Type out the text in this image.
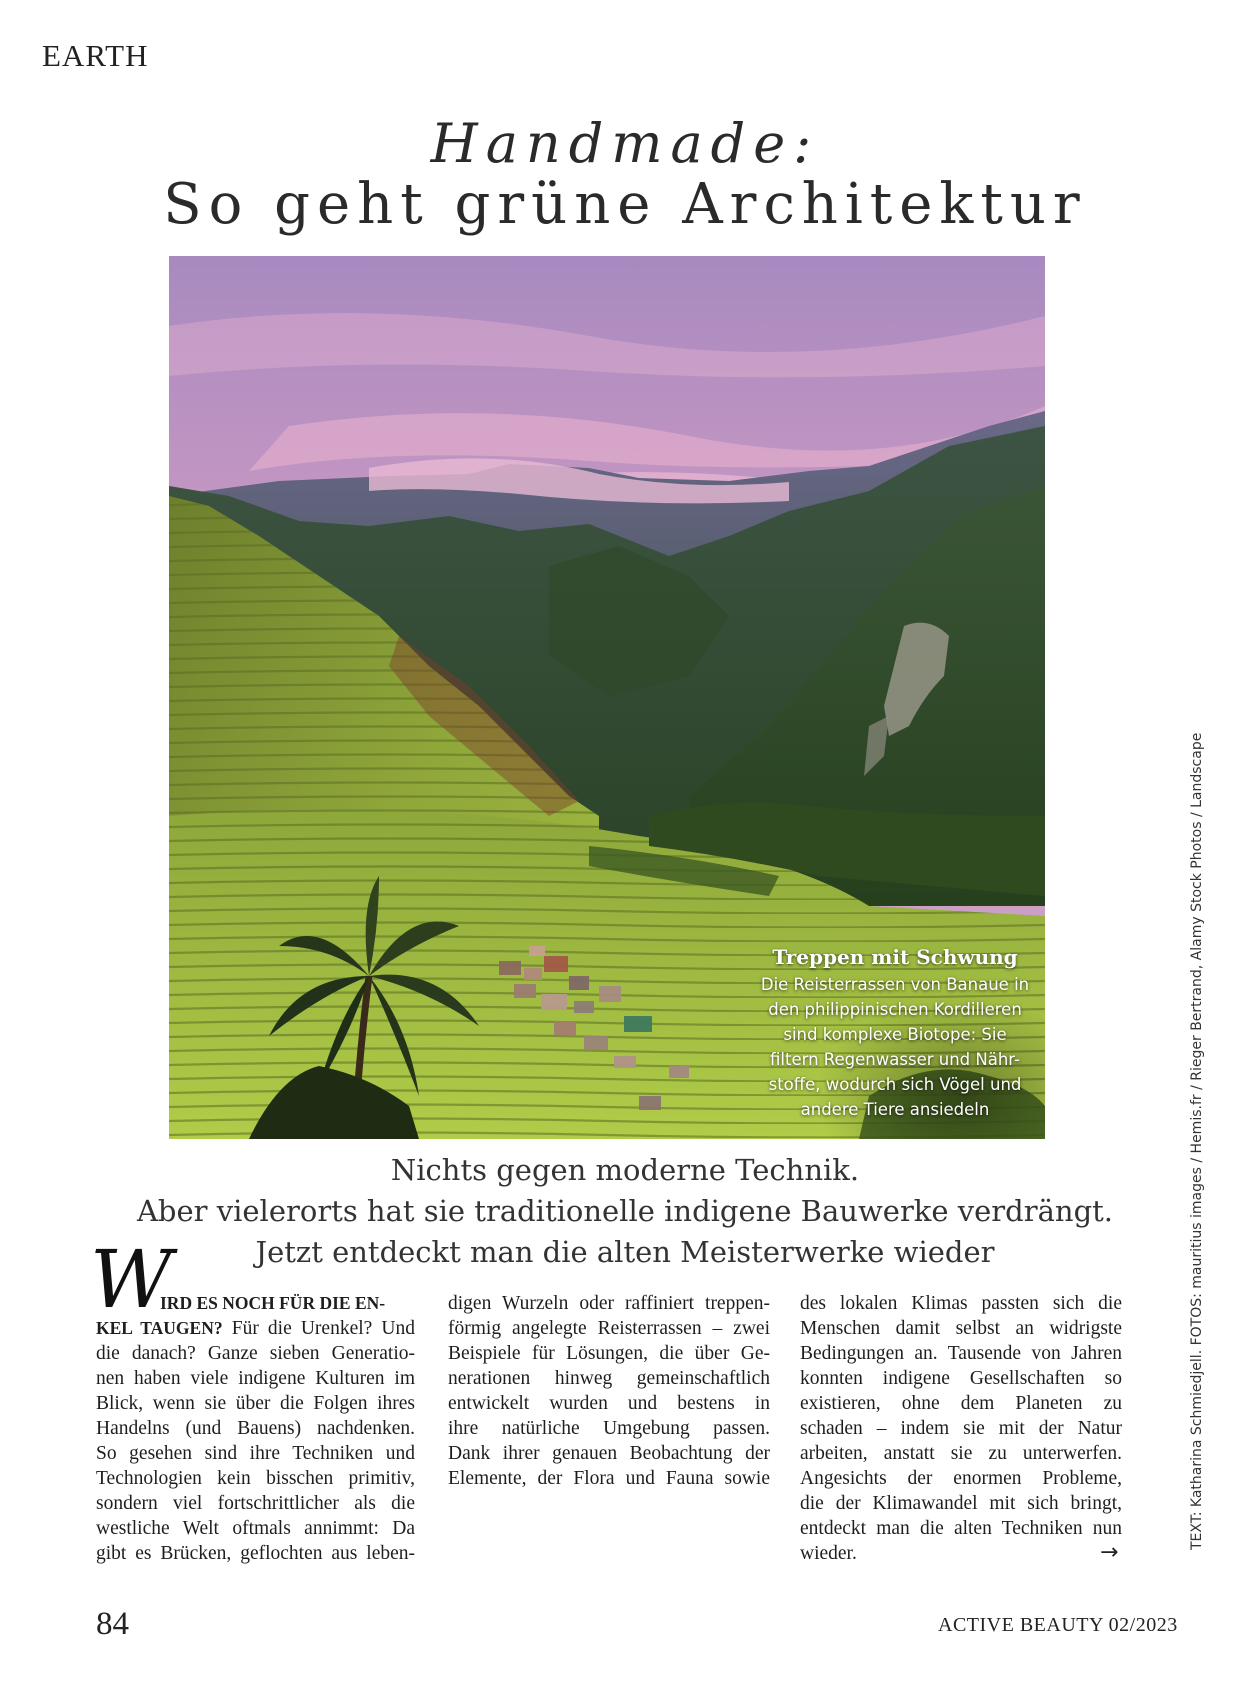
EARTH
Handmade:
So geht grüne Architektur
Treppen mit Schwung
Die Reisterrassen von Banaue in
den philippinischen Kordilleren
sind komplexe Biotope: Sie
filtern Regenwasser und Nähr-
stoffe, wodurch sich Vögel und
andere Tiere ansiedeln
Nichts gegen moderne Technik.
Aber vielerorts hat sie traditionelle indigene Bauwerke verdrängt.
Jetzt entdeckt man die alten Meisterwerke wieder
W
IRD ES NOCH FÜR DIE EN-
KEL TAUGEN? Für die Urenkel? Und
die danach? Ganze sieben Generatio-
nen haben viele indigene Kulturen im
Blick, wenn sie über die Folgen ihres
Handelns (und Bauens) nachdenken.
So gesehen sind ihre Techniken und
Technologien kein bisschen primitiv,
sondern viel fortschrittlicher als die
westliche Welt oftmals annimmt: Da
gibt es Brücken, geflochten aus leben-
digen Wurzeln oder raffiniert treppen-
förmig angelegte Reisterrassen – zwei
Beispiele für Lösungen, die über Ge-
nerationen hinweg gemeinschaftlich
entwickelt wurden und bestens in
ihre natürliche Umgebung passen.
Dank ihrer genauen Beobachtung der
Elemente, der Flora und Fauna sowie
des lokalen Klimas passten sich die
Menschen damit selbst an widrigste
Bedingungen an. Tausende von Jahren
konnten indigene Gesellschaften so
existieren, ohne dem Planeten zu
schaden – indem sie mit der Natur
arbeiten, anstatt sie zu unterwerfen.
Angesichts der enormen Probleme,
die der Klimawandel mit sich bringt,
entdeckt man die alten Techniken nun
wieder.	→
TEXT: Katharina Schmiedjell. FOTOS: mauritius images / Hemis.fr / Rieger Bertrand, Alamy Stock Photos / Landscape
84	ACTIVE BEAUTY 02/2023
